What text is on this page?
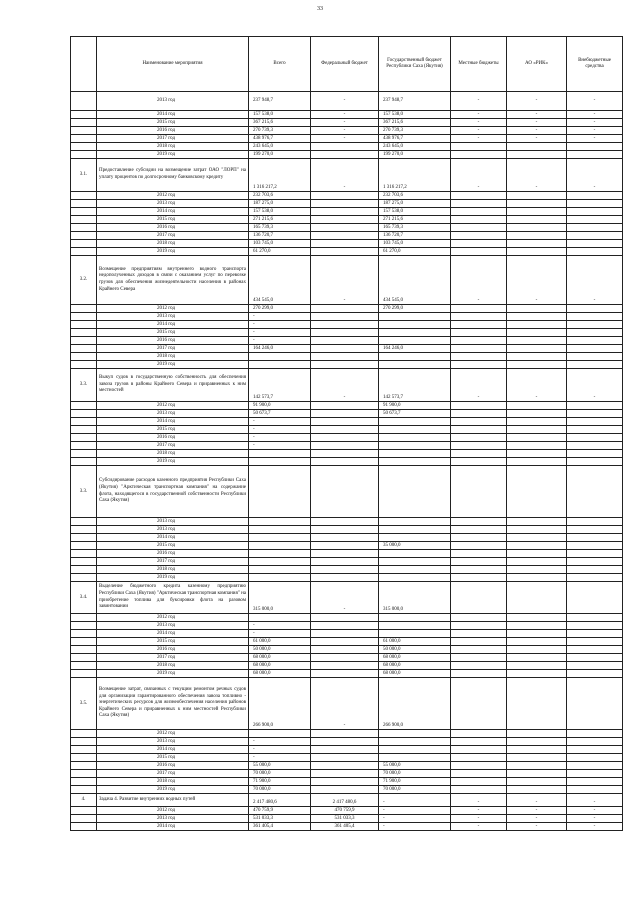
33
	Наименование мероприятия	Всего	Федеральный бюджет	Государственный бюджет Республики Саха (Якутия)	Местные бюджеты	АО «РИК»	Внебюджетные средства
	2013 год	237 948,7	-	237 948,7	-	-	-
	2014 год	157 538,0	-	157 538,0	-	-	-
	2015 год	367 215,6	-	367 215,6	-	-	-
	2016 год	270 739,3	-	270 739,3	-	-	-
	2017 год	438 976,7	-	438 976,7	-	-	-
	2018 год	243 645,0		243 645,0			
	2019 год	199 270,0		199 270,0			
3.1.	Предоставление субсидии на возмещение затрат ОАО "ЛОРП" на уплату процентов по долгосрочному банковскому кредиту	1 316 217,2	-	1 316 217,2	-	-	-
	2012 год	232 703,6		232 703,6			
	2013 год	187 275,0		187 275,0			
	2014 год	157 538,0		157 538,0			
	2015 год	271 215,6		271 215,6			
	2016 год	165 739,3		165 739,3			
	2017 год	136 720,7		136 720,7			
	2018 год	103 745,0		103 745,0			
	2019 год	61 270,0		61 270,0			
3.2.	Возмещение предприятиям внутреннего водного транспорта недополученных доходов в связи с оказанием услуг по перевозке грузов для обеспечения жизнедеятельности населения в районах Крайнего Севера	434 545,0	-	434 545,0	-	-	-
	2012 год	270 299,0		270 299,0			
	2013 год	-					
	2014 год	-					
	2015 год	-					
	2016 год	-					
	2017 год	164 246,0		164 246,0			
	2018 год						
	2019 год						
3.3.	Выкуп судов в государственную собственность для обеспечения завоза грузов в районы Крайнего Севера и приравненных к ним местностей	142 573,7	-	142 573,7	-	-	-
	2012 год	91 900,0		91 900,0			
	2013 год	50 673,7		50 673,7			
	2014 год	-					
	2015 год	-					
	2016 год	-					
	2017 год	-					
	2018 год						
	2019 год						
3.3.	Субсидирование расходов казенного предприятия Республики Саха (Якутия) "Арктическая транспортная компания" на содержание флота, находящегося в государственной собственности Республики Саха (Якутия)						
	2013 год						
	2013 год						
	2014 год						
	2015 год			35 000,0			
	2016 год						
	2017 год						
	2018 год						
	2019 год						
3.4.	Выделение бюджетного кредита казенному предприятию Республики Саха (Якутия) "Арктическая транспортная компания" на приобретение топлива для буксировки флота на разовом завинтовании	315 000,0	-	315 000,0			
	2012 год						
	2013 год	-					
	2014 год	-					
	2015 год	61 000,0		61 000,0			
	2016 год	50 000,0		50 000,0			
	2017 год	68 000,0		68 000,0			
	2018 год	68 000,0		68 000,0			
	2019 год	68 000,0		68 000,0			
3.5.	Возмещение затрат, связанных с текущим ремонтом речных судов для организации гарантированного обеспечения завоза топливно - энергетических ресурсов для жизнеобеспечения населения районов Крайнего Севера и приравненных к ним местностей Республики Саха (Якутия)	266 900,0	-	266 900,0			
	2012 год						
	2013 год	-					
	2014 год	-					
	2015 год	-					
	2016 год	55 000,0		55 000,0			
	2017 год	70 000,0		70 000,0			
	2018 год	71 900,0		71 900,0			
	2019 год	70 000,0		70 000,0			
4.	Задача 4. Развитие внутренних водных путей	2 417 480,6	2 417 480,6	-	-	-	-
	2012 год	470 759,9	470 759,9	-	-	-	-
	2013 год	531 033,3	531 033,3	-	-	-	-
	2014 год	361 405,4	361 405,4	-	-	-	-
